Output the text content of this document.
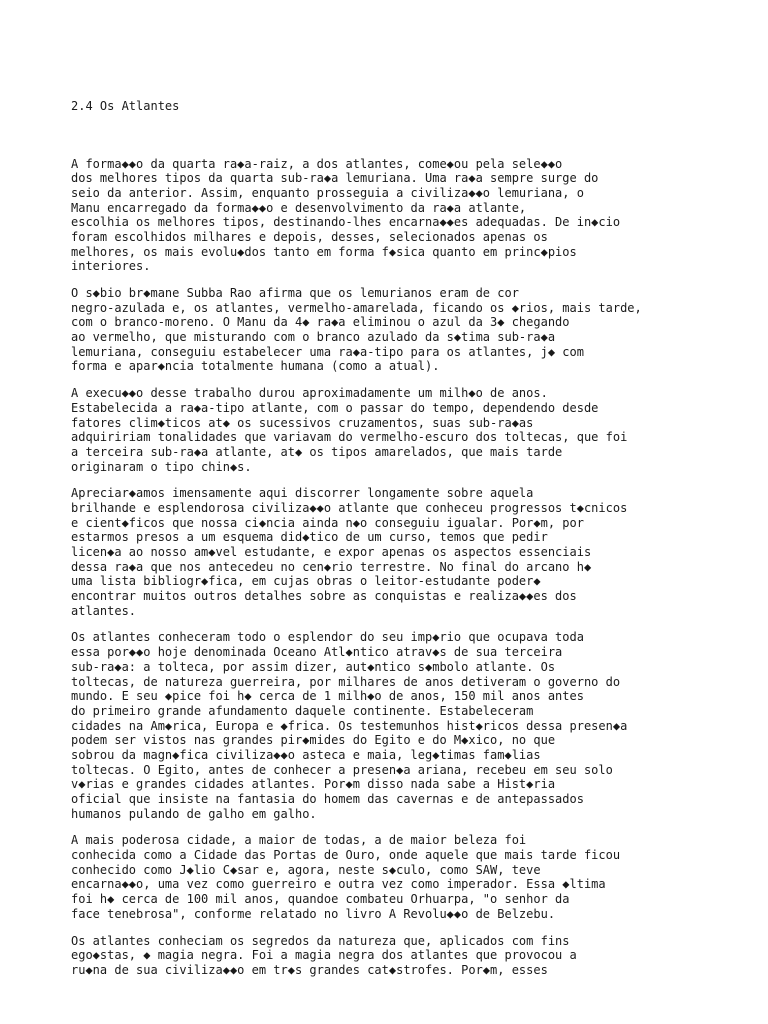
2.4 Os Atlantes

A forma◆◆o da quarta ra◆a-raiz, a dos atlantes, come◆ou pela sele◆◆o
dos melhores tipos da quarta sub-ra◆a lemuriana. Uma ra◆a sempre surge do
seio da anterior. Assim, enquanto prosseguia a civiliza◆◆o lemuriana, o
Manu encarregado da forma◆◆o e desenvolvimento da ra◆a atlante,
escolhia os melhores tipos, destinando-lhes encarna◆◆es adequadas. De in◆cio
foram escolhidos milhares e depois, desses, selecionados apenas os
melhores, os mais evolu◆dos tanto em forma f◆sica quanto em princ◆pios
interiores.
O s◆bio br◆mane Subba Rao afirma que os lemurianos eram de cor
negro-azulada e, os atlantes, vermelho-amarelada, ficando os ◆rios, mais tarde,
com o branco-moreno. O Manu da 4◆ ra◆a eliminou o azul da 3◆ chegando
ao vermelho, que misturando com o branco azulado da s◆tima sub-ra◆a
lemuriana, conseguiu estabelecer uma ra◆a-tipo para os atlantes, j◆ com
forma e apar◆ncia totalmente humana (como a atual).
A execu◆◆o desse trabalho durou aproximadamente um milh◆o de anos.
Estabelecida a ra◆a-tipo atlante, com o passar do tempo, dependendo desde
fatores clim◆ticos at◆ os sucessivos cruzamentos, suas sub-ra◆as
adquiririam tonalidades que variavam do vermelho-escuro dos toltecas, que foi
a terceira sub-ra◆a atlante, at◆ os tipos amarelados, que mais tarde
originaram o tipo chin◆s.
Apreciar◆amos imensamente aqui discorrer longamente sobre aquela
brilhande e esplendorosa civiliza◆◆o atlante que conheceu progressos t◆cnicos
e cient◆ficos que nossa ci◆ncia ainda n◆o conseguiu igualar. Por◆m, por
estarmos presos a um esquema did◆tico de um curso, temos que pedir
licen◆a ao nosso am◆vel estudante, e expor apenas os aspectos essenciais
dessa ra◆a que nos antecedeu no cen◆rio terrestre. No final do arcano h◆
uma lista bibliogr◆fica, em cujas obras o leitor-estudante poder◆
encontrar muitos outros detalhes sobre as conquistas e realiza◆◆es dos
atlantes.
Os atlantes conheceram todo o esplendor do seu imp◆rio que ocupava toda
essa por◆◆o hoje denominada Oceano Atl◆ntico atrav◆s de sua terceira
sub-ra◆a: a tolteca, por assim dizer, aut◆ntico s◆mbolo atlante. Os
toltecas, de natureza guerreira, por milhares de anos detiveram o governo do
mundo. E seu ◆pice foi h◆ cerca de 1 milh◆o de anos, 150 mil anos antes
do primeiro grande afundamento daquele continente. Estabeleceram
cidades na Am◆rica, Europa e ◆frica. Os testemunhos hist◆ricos dessa presen◆a
podem ser vistos nas grandes pir◆mides do Egito e do M◆xico, no que
sobrou da magn◆fica civiliza◆◆o asteca e maia, leg◆timas fam◆lias
toltecas. O Egito, antes de conhecer a presen◆a ariana, recebeu em seu solo
v◆rias e grandes cidades atlantes. Por◆m disso nada sabe a Hist◆ria
oficial que insiste na fantasia do homem das cavernas e de antepassados
humanos pulando de galho em galho.
A mais poderosa cidade, a maior de todas, a de maior beleza foi
conhecida como a Cidade das Portas de Ouro, onde aquele que mais tarde ficou
conhecido como J◆lio C◆sar e, agora, neste s◆culo, como SAW, teve
encarna◆◆o, uma vez como guerreiro e outra vez como imperador. Essa ◆ltima
foi h◆ cerca de 100 mil anos, quandoe combateu Orhuarpa, "o senhor da
face tenebrosa", conforme relatado no livro A Revolu◆◆o de Belzebu.
Os atlantes conheciam os segredos da natureza que, aplicados com fins
ego◆stas, ◆ magia negra. Foi a magia negra dos atlantes que provocou a
ru◆na de sua civiliza◆◆o em tr◆s grandes cat◆strofes. Por◆m, esses
